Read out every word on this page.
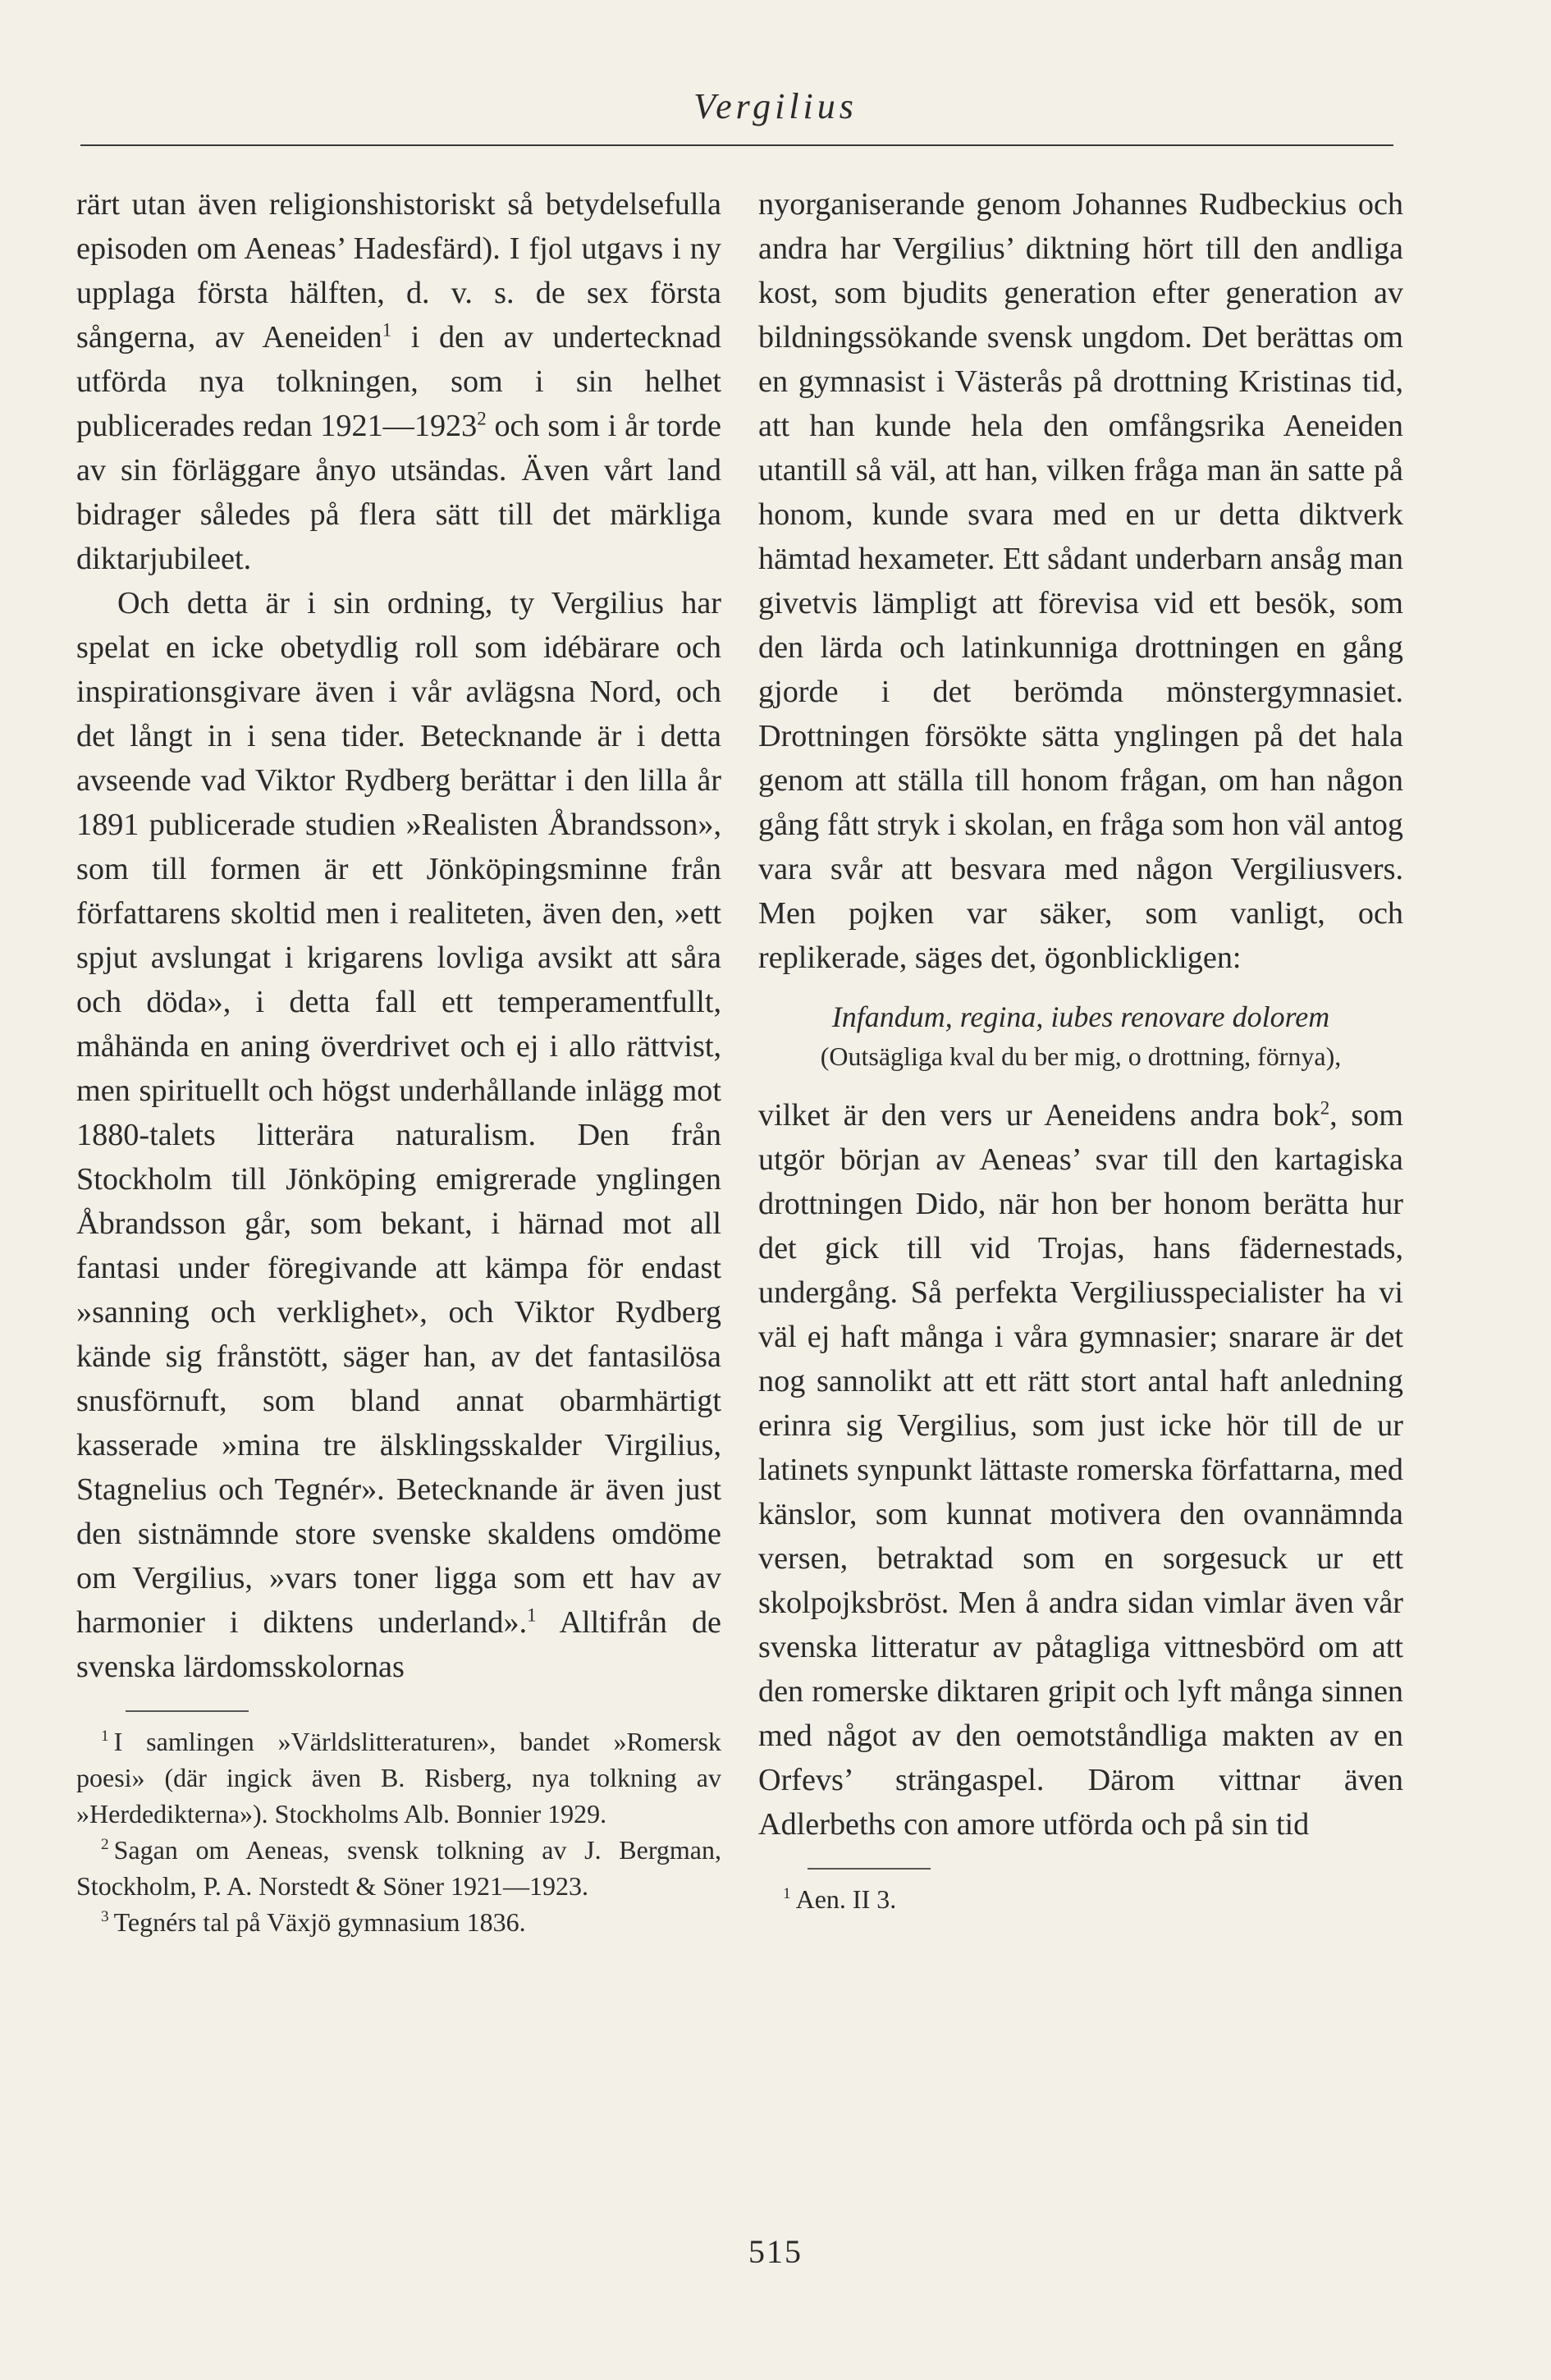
Vergilius

rärt utan även religionshistoriskt så betydelsefulla episoden om Aeneas’ Hadesfärd). I fjol utgavs i ny upplaga första hälften, d. v. s. de sex första sångerna, av Aeneiden$^1$ i den av undertecknad utförda nya tolkningen, som i sin helhet publicerades redan 1921—1923$^2$ och som i år torde av sin förläggare ånyo utsändas. Även vårt land bidrager således på flera sätt till det märkliga diktarjubileet.

Och detta är i sin ordning, ty Vergilius har spelat en icke obetydlig roll som idébärare och inspirationsgivare även i vår avlägsna Nord, och det långt in i sena tider. Betecknande är i detta avseende vad Viktor Rydberg berättar i den lilla år 1891 publicerade studien »Realisten Åbrandsson», som till formen är ett Jönköpingsminne från författarens skoltid men i realiteten, även den, »ett spjut avslungat i krigarens lovliga avsikt att såra och döda», i detta fall ett temperamentfullt, måhända en aning överdrivet och ej i allo rättvist, men spirituellt och högst underhållande inlägg mot 1880-talets litterära naturalism. Den från Stockholm till Jönköping emigrerade ynglingen Åbrandsson går, som bekant, i härnad mot all fantasi under föregivande att kämpa för endast »sanning och verklighet», och Viktor Rydberg kände sig frånstött, säger han, av det fantasilösa snusförnuft, som bland annat obarmhärtigt kasserade »mina tre älsklingsskalder Virgilius, Stagnelius och Tegnér». Betecknande är även just den sistnämnde store svenske skaldens omdöme om Vergilius, »vars toner ligga som ett hav av harmonier i diktens underland».$^1$ Alltifrån de svenska lärdomsskolornas

$^1$ I samlingen »Världslitteraturen», bandet »Romersk poesi» (där ingick även B. Risberg, nya tolkning av »Herdedikterna»). Stockholms Alb. Bonnier 1929.

$^2$ Sagan om Aeneas, svensk tolkning av J. Bergman, Stockholm, P. A. Norstedt & Söner 1921—1923.

$^3$ Tegnérs tal på Växjö gymnasium 1836.

nyorganiserande genom Johannes Rudbeckius och andra har Vergilius’ diktning hört till den andliga kost, som bjudits generation efter generation av bildningssökande svensk ungdom. Det berättas om en gymnasist i Västerås på drottning Kristinas tid, att han kunde hela den omfångsrika Aeneiden utantill så väl, att han, vilken fråga man än satte på honom, kunde svara med en ur detta diktverk hämtad hexameter. Ett sådant underbarn ansåg man givetvis lämpligt att förevisa vid ett besök, som den lärda och latinkunniga drottningen en gång gjorde i det berömda mönstergymnasiet. Drottningen försökte sätta ynglingen på det hala genom att ställa till honom frågan, om han någon gång fått stryk i skolan, en fråga som hon väl antog vara svår att besvara med någon Vergiliusvers. Men pojken var säker, som vanligt, och replikerade, säges det, ögonblickligen:

Infandum, regina, iubes renovare dolorem
(Outsägliga kval du ber mig, o drottning, förnya),

vilket är den vers ur Aeneidens andra bok$^2$, som utgör början av Aeneas’ svar till den kartagiska drottningen Dido, när hon ber honom berätta hur det gick till vid Trojas, hans fädernestads, undergång. Så perfekta Vergiliusspecialister ha vi väl ej haft många i våra gymnasier; snarare är det nog sannolikt att ett rätt stort antal haft anledning erinra sig Vergilius, som just icke hör till de ur latinets synpunkt lättaste romerska författarna, med känslor, som kunnat motivera den ovannämnda versen, betraktad som en sorgesuck ur ett skolpojksbröst. Men å andra sidan vimlar även vår svenska litteratur av påtagliga vittnesbörd om att den romerske diktaren gripit och lyft många sinnen med något av den oemotståndliga makten av en Orfevs’ strängaspel. Därom vittnar även Adlerbeths con amore utförda och på sin tid

$^1$ Aen. II 3.

515
